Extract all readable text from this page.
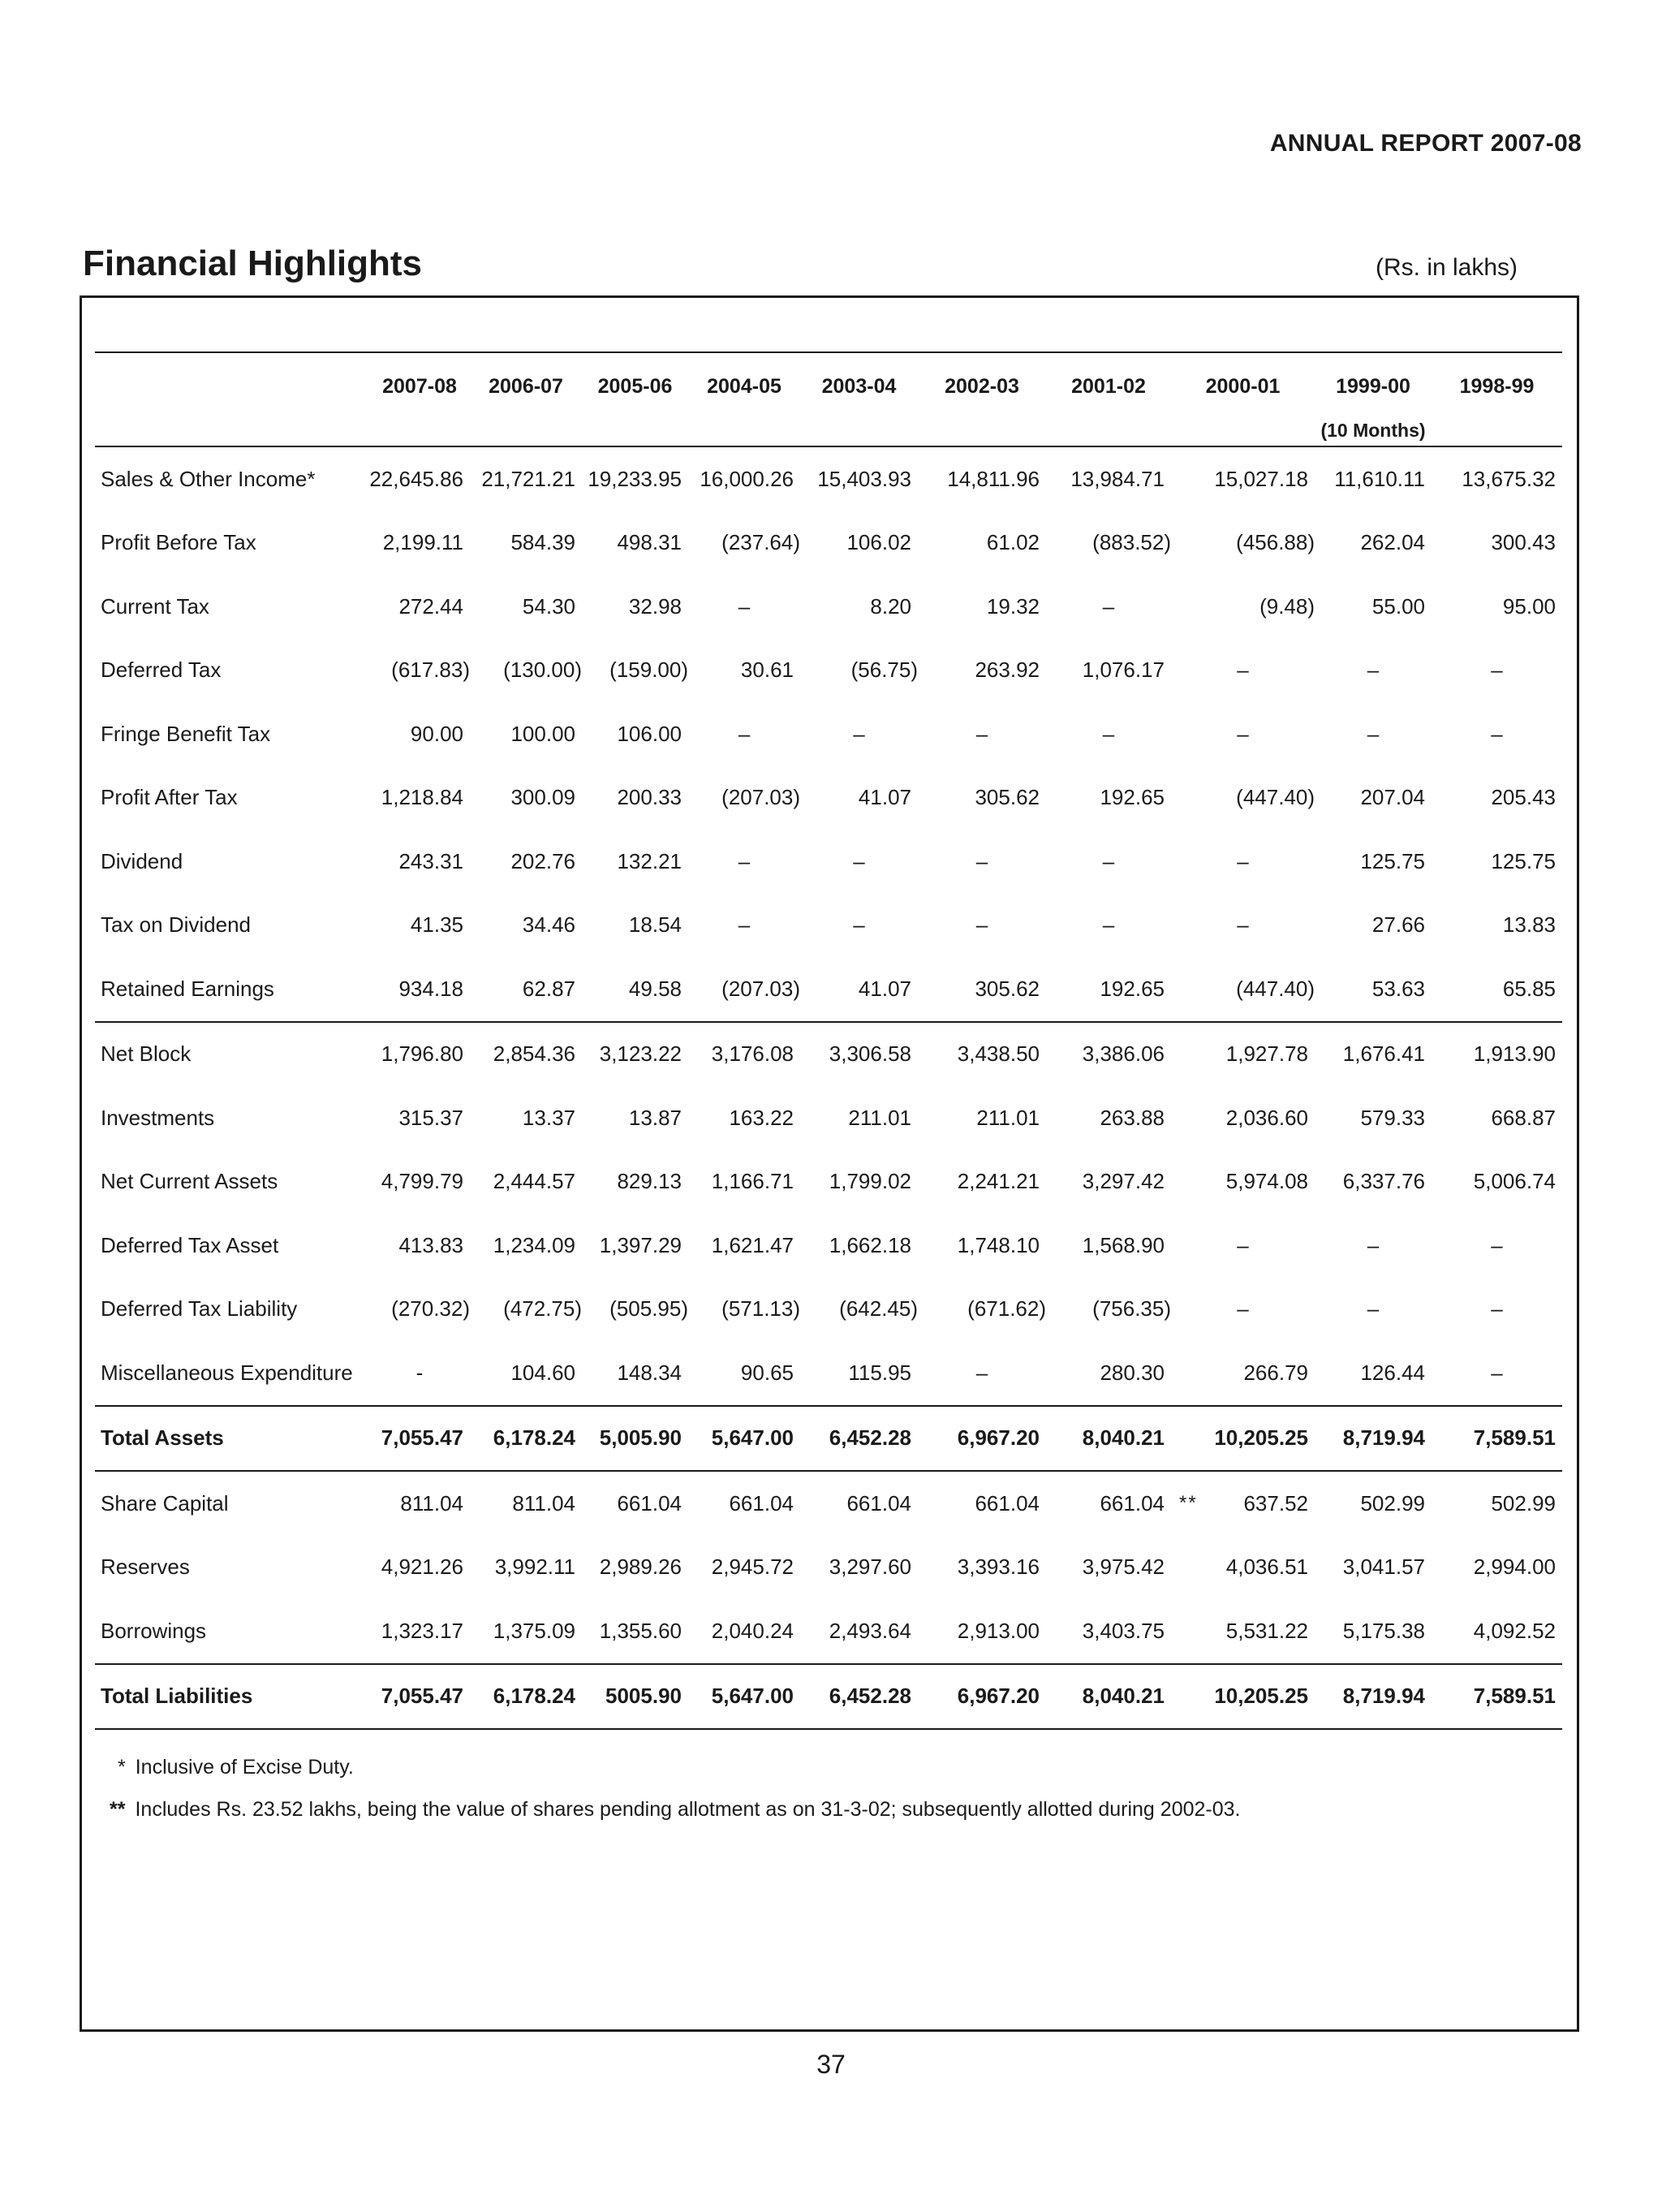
ANNUAL REPORT 2007-08
Financial Highlights	(Rs. in lakhs)
	2007-08	2006-07	2005-06	2004-05	2003-04	2002-03	2001-02	2000-01	1999-00	1998-99
									(10 Months)	
Sales & Other Income*	22,645.86	21,721.21	19,233.95	16,000.26	15,403.93	14,811.96	13,984.71	15,027.18	11,610.11	13,675.32
Profit Before Tax	2,199.11	584.39	498.31	(237.64)	106.02	61.02	(883.52)	(456.88)	262.04	300.43
Current Tax	272.44	54.30	32.98	–	8.20	19.32	–	(9.48)	55.00	95.00
Deferred Tax	(617.83)	(130.00)	(159.00)	30.61	(56.75)	263.92	1,076.17	–	–	–
Fringe Benefit Tax	90.00	100.00	106.00	–	–	–	–	–	–	–
Profit After Tax	1,218.84	300.09	200.33	(207.03)	41.07	305.62	192.65	(447.40)	207.04	205.43
Dividend	243.31	202.76	132.21	–	–	–	–	–	125.75	125.75
Tax on Dividend	41.35	34.46	18.54	–	–	–	–	–	27.66	13.83
Retained Earnings	934.18	62.87	49.58	(207.03)	41.07	305.62	192.65	(447.40)	53.63	65.85
Net Block	1,796.80	2,854.36	3,123.22	3,176.08	3,306.58	3,438.50	3,386.06	1,927.78	1,676.41	1,913.90
Investments	315.37	13.37	13.87	163.22	211.01	211.01	263.88	2,036.60	579.33	668.87
Net Current Assets	4,799.79	2,444.57	829.13	1,166.71	1,799.02	2,241.21	3,297.42	5,974.08	6,337.76	5,006.74
Deferred Tax Asset	413.83	1,234.09	1,397.29	1,621.47	1,662.18	1,748.10	1,568.90	–	–	–
Deferred Tax Liability	(270.32)	(472.75)	(505.95)	(571.13)	(642.45)	(671.62)	(756.35)	–	–	–
Miscellaneous Expenditure	-	104.60	148.34	90.65	115.95	–	280.30	266.79	126.44	–
Total Assets	7,055.47	6,178.24	5,005.90	5,647.00	6,452.28	6,967.20	8,040.21	10,205.25	8,719.94	7,589.51
Share Capital	811.04	811.04	661.04	661.04	661.04	661.04	661.04 **	637.52	502.99	502.99
Reserves	4,921.26	3,992.11	2,989.26	2,945.72	3,297.60	3,393.16	3,975.42	4,036.51	3,041.57	2,994.00
Borrowings	1,323.17	1,375.09	1,355.60	2,040.24	2,493.64	2,913.00	3,403.75	5,531.22	5,175.38	4,092.52
Total Liabilities	7,055.47	6,178.24	5005.90	5,647.00	6,452.28	6,967.20	8,040.21	10,205.25	8,719.94	7,589.51
* Inclusive of Excise Duty.
** Includes Rs. 23.52 lakhs, being the value of shares pending allotment as on 31-3-02; subsequently allotted during 2002-03.
37
